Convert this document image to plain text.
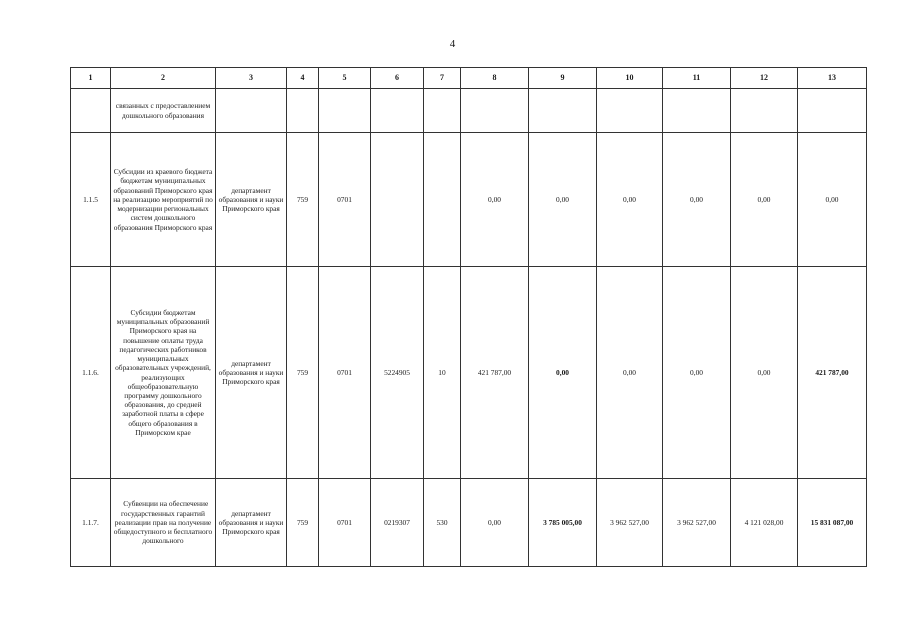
4
1	2	3	4	5	6	7	8	9	10	11	12	13
	связанных с предоставлением дошкольного образования											
1.1.5	Субсидии из краевого бюджета бюджетам муниципальных образований Приморского края на реализацию мероприятий по модернизации региональных систем дошкольного образования Приморского края	департамент образования и науки Приморского края	759	0701			0,00	0,00	0,00	0,00	0,00	0,00
1.1.6.	Субсидии бюджетам муниципальных образований Приморского края на повышение оплаты труда педагогических работников муниципальных образовательных учреждений, реализующих общеобразовательную программу дошкольного образования, до средней заработной платы в сфере общего образования в Приморском крае	департамент образования и науки Приморского края	759	0701	5224905	10	421 787,00	0,00	0,00	0,00	0,00	421 787,00
1.1.7.	Субвенции на обеспечение государственных гарантий реализации прав на получение общедоступного и бесплатного дошкольного	департамент образования и науки Приморского края	759	0701	0219307	530	0,00	3 785 005,00	3 962 527,00	3 962 527,00	4 121 028,00	15 831 087,00
